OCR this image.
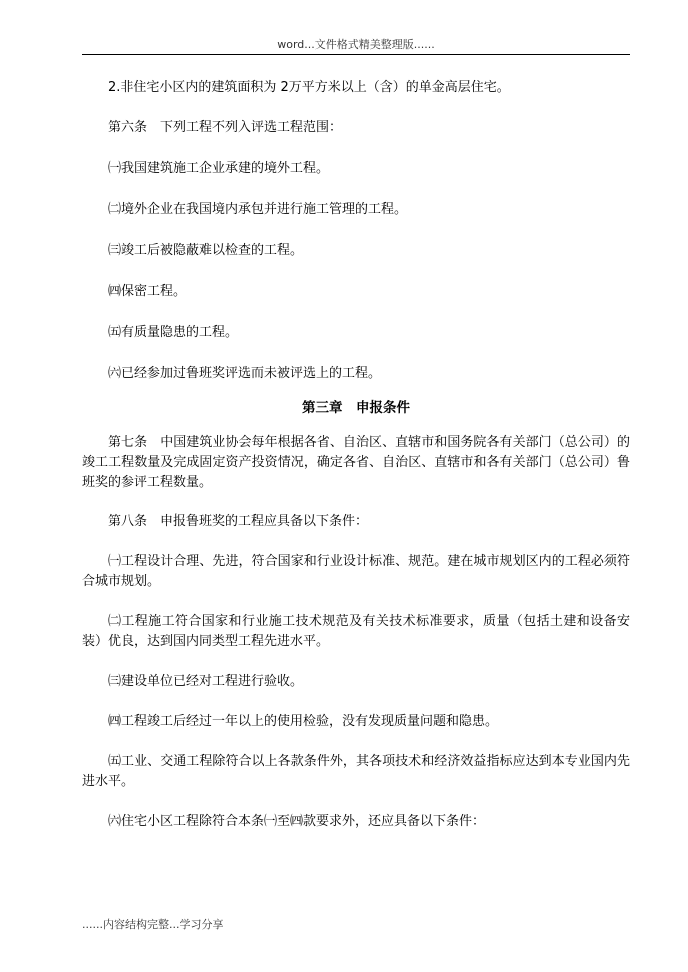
word...文件格式精美整理版......

2.非住宅小区内的建筑面积为 2万平方米以上（含）的单金高层住宅。

第六条　下列工程不列入评选工程范围：

㈠我国建筑施工企业承建的境外工程。

㈡境外企业在我国境内承包并进行施工管理的工程。

㈢竣工后被隐蔽难以检查的工程。

㈣保密工程。

㈤有质量隐患的工程。

㈥已经参加过鲁班奖评选而未被评选上的工程。

第三章　申报条件

第七条　中国建筑业协会每年根据各省、自治区、直辖市和国务院各有关部门（总公司）的竣工工程数量及完成固定资产投资情况，确定各省、自治区、直辖市和各有关部门（总公司）鲁班奖的参评工程数量。

第八条　申报鲁班奖的工程应具备以下条件：

㈠工程设计合理、先进，符合国家和行业设计标准、规范。建在城市规划区内的工程必须符合城市规划。

㈡工程施工符合国家和行业施工技术规范及有关技术标准要求，质量（包括土建和设备安装）优良，达到国内同类型工程先进水平。

㈢建设单位已经对工程进行验收。

㈣工程竣工后经过一年以上的使用检验，没有发现质量问题和隐患。

㈤工业、交通工程除符合以上各款条件外，其各项技术和经济效益指标应达到本专业国内先进水平。

㈥住宅小区工程除符合本条㈠至㈣款要求外，还应具备以下条件：

......内容结构完整...学习分享
